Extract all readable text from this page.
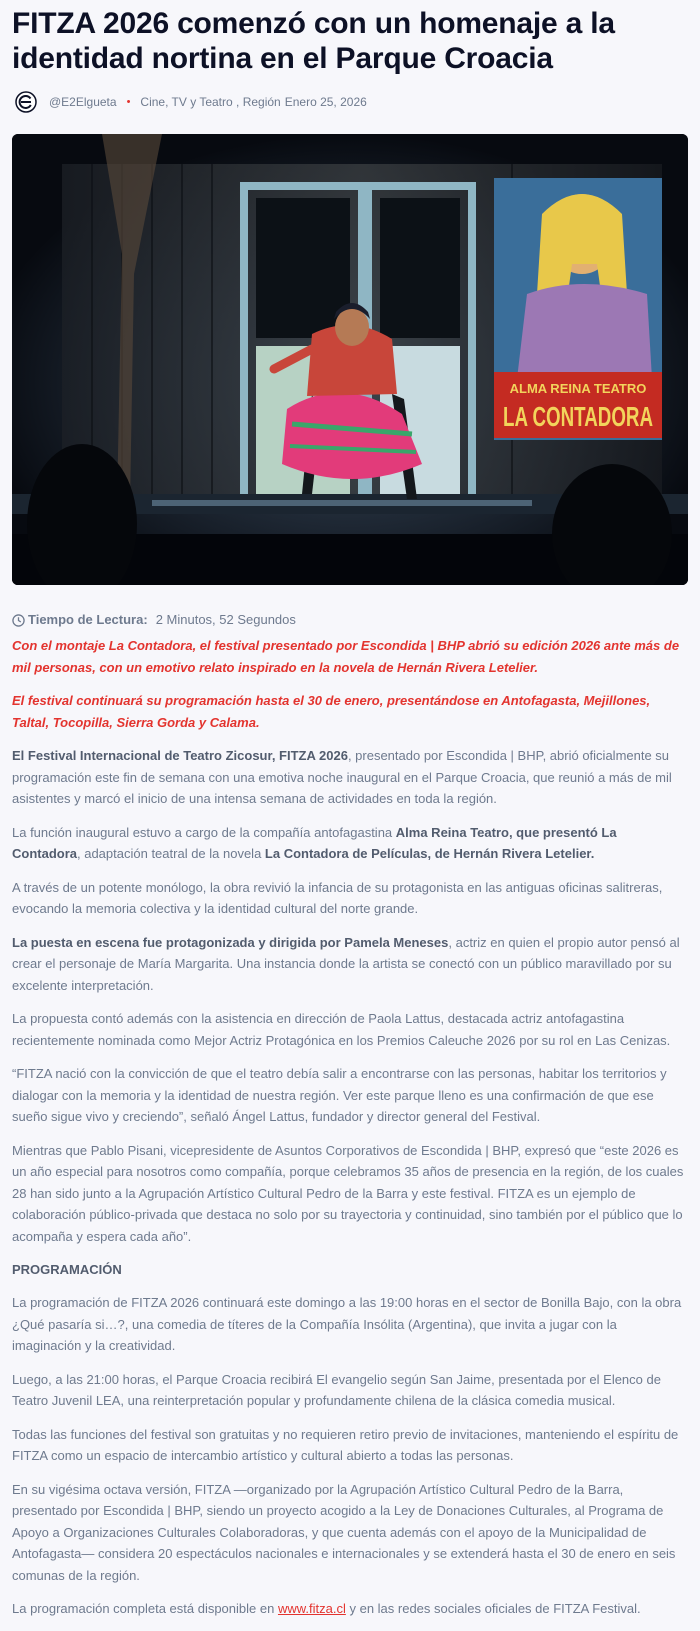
FITZA 2026 comenzó con un homenaje a la identidad nortina en el Parque Croacia
@E2Elgueta • Cine, TV y Teatro , Región Enero 25, 2026
ALMA REINA TEATRO
LA CONTADORA
Tiempo de Lectura: 2 Minutos, 52 Segundos

Con el montaje La Contadora, el festival presentado por Escondida | BHP abrió su edición 2026 ante más de mil personas, con un emotivo relato inspirado en la novela de Hernán Rivera Letelier.

El festival continuará su programación hasta el 30 de enero, presentándose en Antofagasta, Mejillones, Taltal, Tocopilla, Sierra Gorda y Calama.

El Festival Internacional de Teatro Zicosur, FITZA 2026, presentado por Escondida | BHP, abrió oficialmente su programación este fin de semana con una emotiva noche inaugural en el Parque Croacia, que reunió a más de mil asistentes y marcó el inicio de una intensa semana de actividades en toda la región.

La función inaugural estuvo a cargo de la compañía antofagastina Alma Reina Teatro, que presentó La Contadora, adaptación teatral de la novela La Contadora de Películas, de Hernán Rivera Letelier.

A través de un potente monólogo, la obra revivió la infancia de su protagonista en las antiguas oficinas salitreras, evocando la memoria colectiva y la identidad cultural del norte grande.

La puesta en escena fue protagonizada y dirigida por Pamela Meneses, actriz en quien el propio autor pensó al crear el personaje de María Margarita. Una instancia donde la artista se conectó con un público maravillado por su excelente interpretación.

La propuesta contó además con la asistencia en dirección de Paola Lattus, destacada actriz antofagastina recientemente nominada como Mejor Actriz Protagónica en los Premios Caleuche 2026 por su rol en Las Cenizas.

“FITZA nació con la convicción de que el teatro debía salir a encontrarse con las personas, habitar los territorios y dialogar con la memoria y la identidad de nuestra región. Ver este parque lleno es una confirmación de que ese sueño sigue vivo y creciendo”, señaló Ángel Lattus, fundador y director general del Festival.

Mientras que Pablo Pisani, vicepresidente de Asuntos Corporativos de Escondida | BHP, expresó que “este 2026 es un año especial para nosotros como compañía, porque celebramos 35 años de presencia en la región, de los cuales 28 han sido junto a la Agrupación Artístico Cultural Pedro de la Barra y este festival. FITZA es un ejemplo de colaboración público-privada que destaca no solo por su trayectoria y continuidad, sino también por el público que lo acompaña y espera cada año”.

PROGRAMACIÓN

La programación de FITZA 2026 continuará este domingo a las 19:00 horas en el sector de Bonilla Bajo, con la obra ¿Qué pasaría si…?, una comedia de títeres de la Compañía Insólita (Argentina), que invita a jugar con la imaginación y la creatividad.

Luego, a las 21:00 horas, el Parque Croacia recibirá El evangelio según San Jaime, presentada por el Elenco de Teatro Juvenil LEA, una reinterpretación popular y profundamente chilena de la clásica comedia musical.

Todas las funciones del festival son gratuitas y no requieren retiro previo de invitaciones, manteniendo el espíritu de FITZA como un espacio de intercambio artístico y cultural abierto a todas las personas.

En su vigésima octava versión, FITZA —organizado por la Agrupación Artístico Cultural Pedro de la Barra, presentado por Escondida | BHP, siendo un proyecto acogido a la Ley de Donaciones Culturales, al Programa de Apoyo a Organizaciones Culturales Colaboradoras, y que cuenta además con el apoyo de la Municipalidad de Antofagasta— considera 20 espectáculos nacionales e internacionales y se extenderá hasta el 30 de enero en seis comunas de la región.

La programación completa está disponible en www.fitza.cl y en las redes sociales oficiales de FITZA Festival.
